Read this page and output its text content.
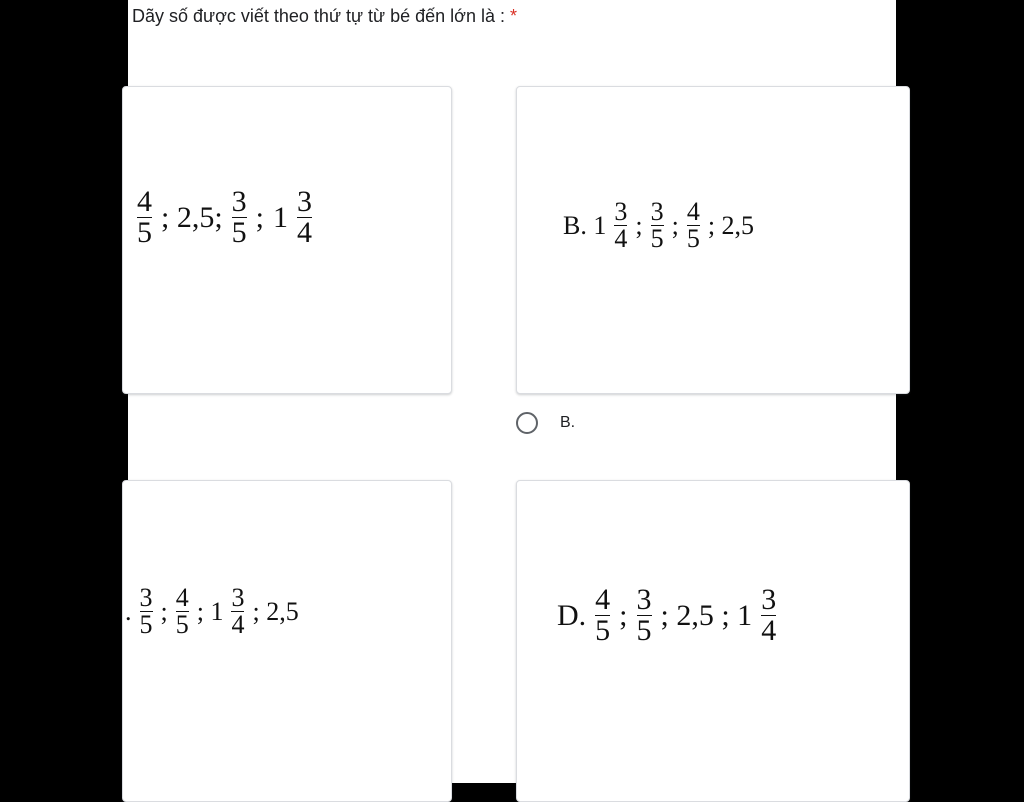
Dãy số được viết theo thứ tự từ bé đến lớn là : *
$\frac{4}{5}$ ; 2,5; $\frac{3}{5}$ ; $1 \frac{3}{4}$	B. $1 \frac{3}{4}$ ; $\frac{3}{5}$ ; $\frac{4}{5}$ ; 2,5
B.
. $\frac{3}{5}$ ; $\frac{4}{5}$ ; $1 \frac{3}{4}$ ; 2,5	D. $\frac{4}{5}$ ; $\frac{3}{5}$ ; 2,5 ; $1 \frac{3}{4}$
